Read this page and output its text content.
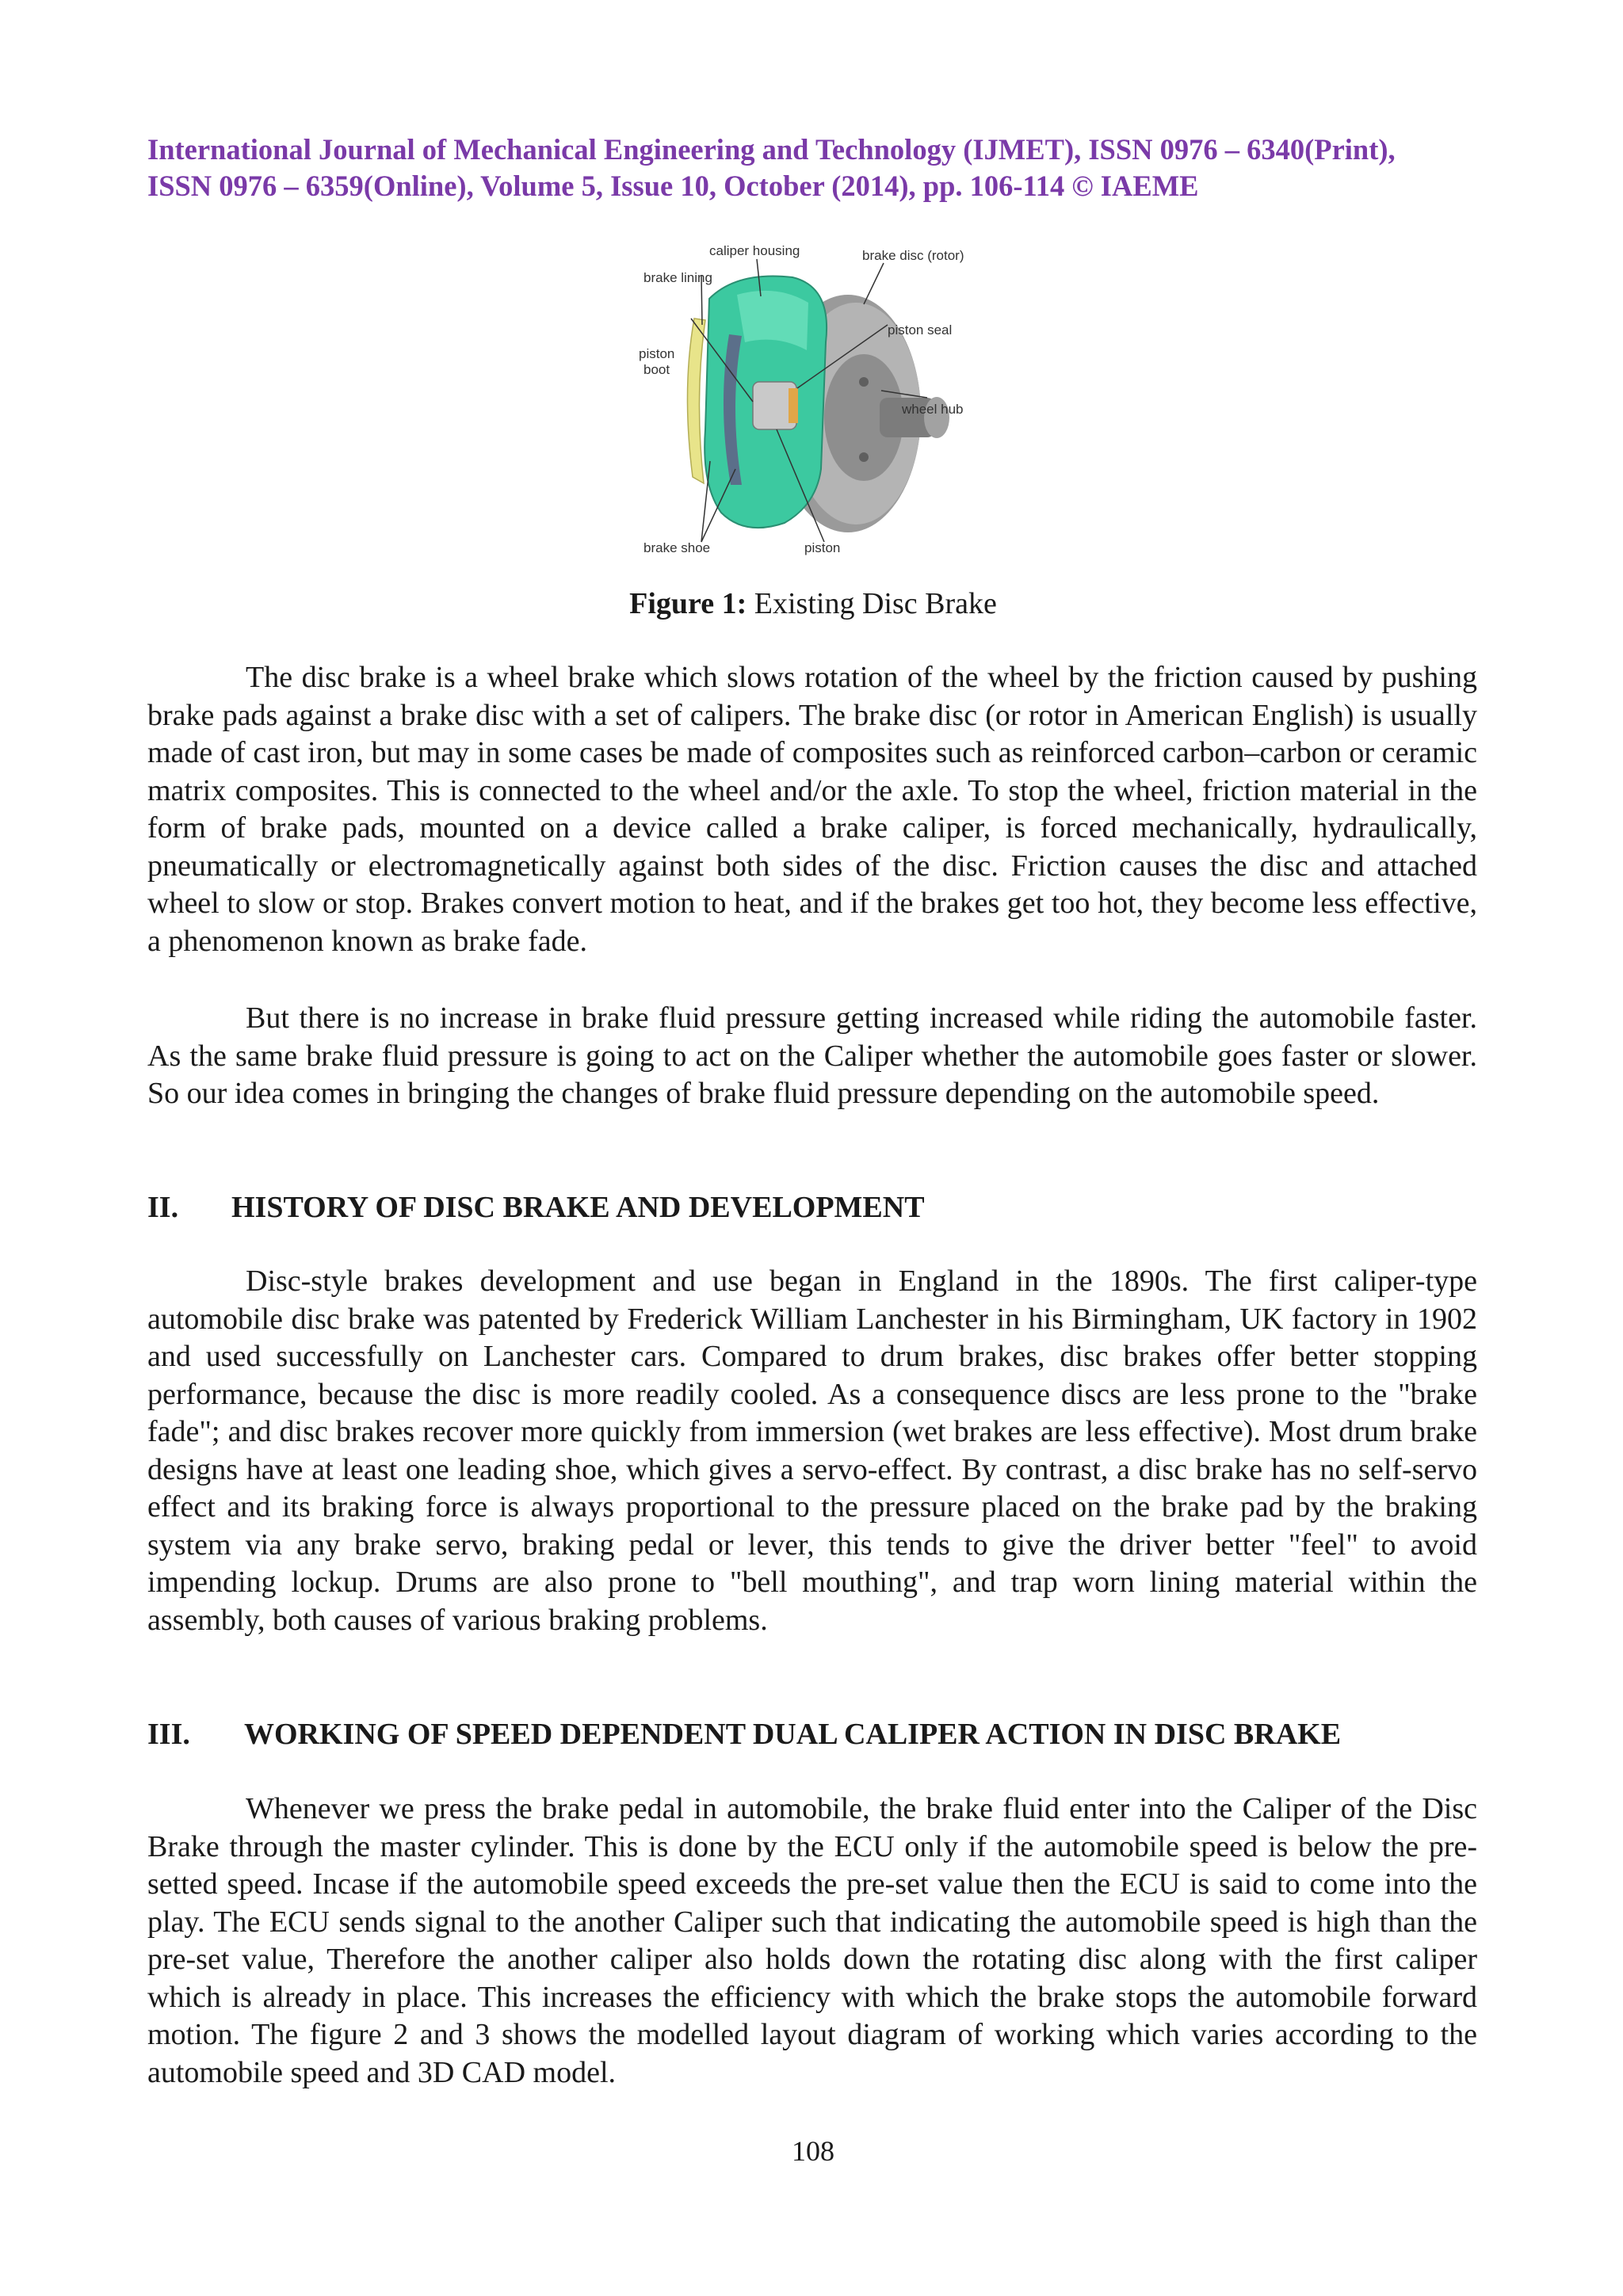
International Journal of Mechanical Engineering and Technology (IJMET), ISSN 0976 – 6340(Print),
ISSN 0976 – 6359(Online), Volume 5, Issue 10, October (2014), pp. 106-114 © IAEME
caliper housing	brake disc (rotor)
brake lining
piston seal
piston
boot
wheel hub
brake shoe	piston
Figure 1: Existing Disc Brake

The disc brake is a wheel brake which slows rotation of the wheel by the friction caused by pushing brake pads against a brake disc with a set of calipers. The brake disc (or rotor in American English) is usually made of cast iron, but may in some cases be made of composites such as reinforced carbon–carbon or ceramic matrix composites. This is connected to the wheel and/or the axle. To stop the wheel, friction material in the form of brake pads, mounted on a device called a brake caliper, is forced mechanically, hydraulically, pneumatically or electromagnetically against both sides of the disc. Friction causes the disc and attached wheel to slow or stop. Brakes convert motion to heat, and if the brakes get too hot, they become less effective, a phenomenon known as brake fade.

But there is no increase in brake fluid pressure getting increased while riding the automobile faster. As the same brake fluid pressure is going to act on the Caliper whether the automobile goes faster or slower. So our idea comes in bringing the changes of brake fluid pressure depending on the automobile speed.

II. HISTORY OF DISC BRAKE AND DEVELOPMENT

Disc-style brakes development and use began in England in the 1890s. The first caliper-type automobile disc brake was patented by Frederick William Lanchester in his Birmingham, UK factory in 1902 and used successfully on Lanchester cars. Compared to drum brakes, disc brakes offer better stopping performance, because the disc is more readily cooled. As a consequence discs are less prone to the "brake fade"; and disc brakes recover more quickly from immersion (wet brakes are less effective). Most drum brake designs have at least one leading shoe, which gives a servo-effect. By contrast, a disc brake has no self-servo effect and its braking force is always proportional to the pressure placed on the brake pad by the braking system via any brake servo, braking pedal or lever, this tends to give the driver better "feel" to avoid impending lockup. Drums are also prone to "bell mouthing", and trap worn lining material within the assembly, both causes of various braking problems.

III. WORKING OF SPEED DEPENDENT DUAL CALIPER ACTION IN DISC BRAKE

Whenever we press the brake pedal in automobile, the brake fluid enter into the Caliper of the Disc Brake through the master cylinder. This is done by the ECU only if the automobile speed is below the pre-setted speed. Incase if the automobile speed exceeds the pre-set value then the ECU is said to come into the play. The ECU sends signal to the another Caliper such that indicating the automobile speed is high than the pre-set value, Therefore the another caliper also holds down the rotating disc along with the first caliper which is already in place. This increases the efficiency with which the brake stops the automobile forward motion. The figure 2 and 3 shows the modelled layout diagram of working which varies according to the automobile speed and 3D CAD model.

108
